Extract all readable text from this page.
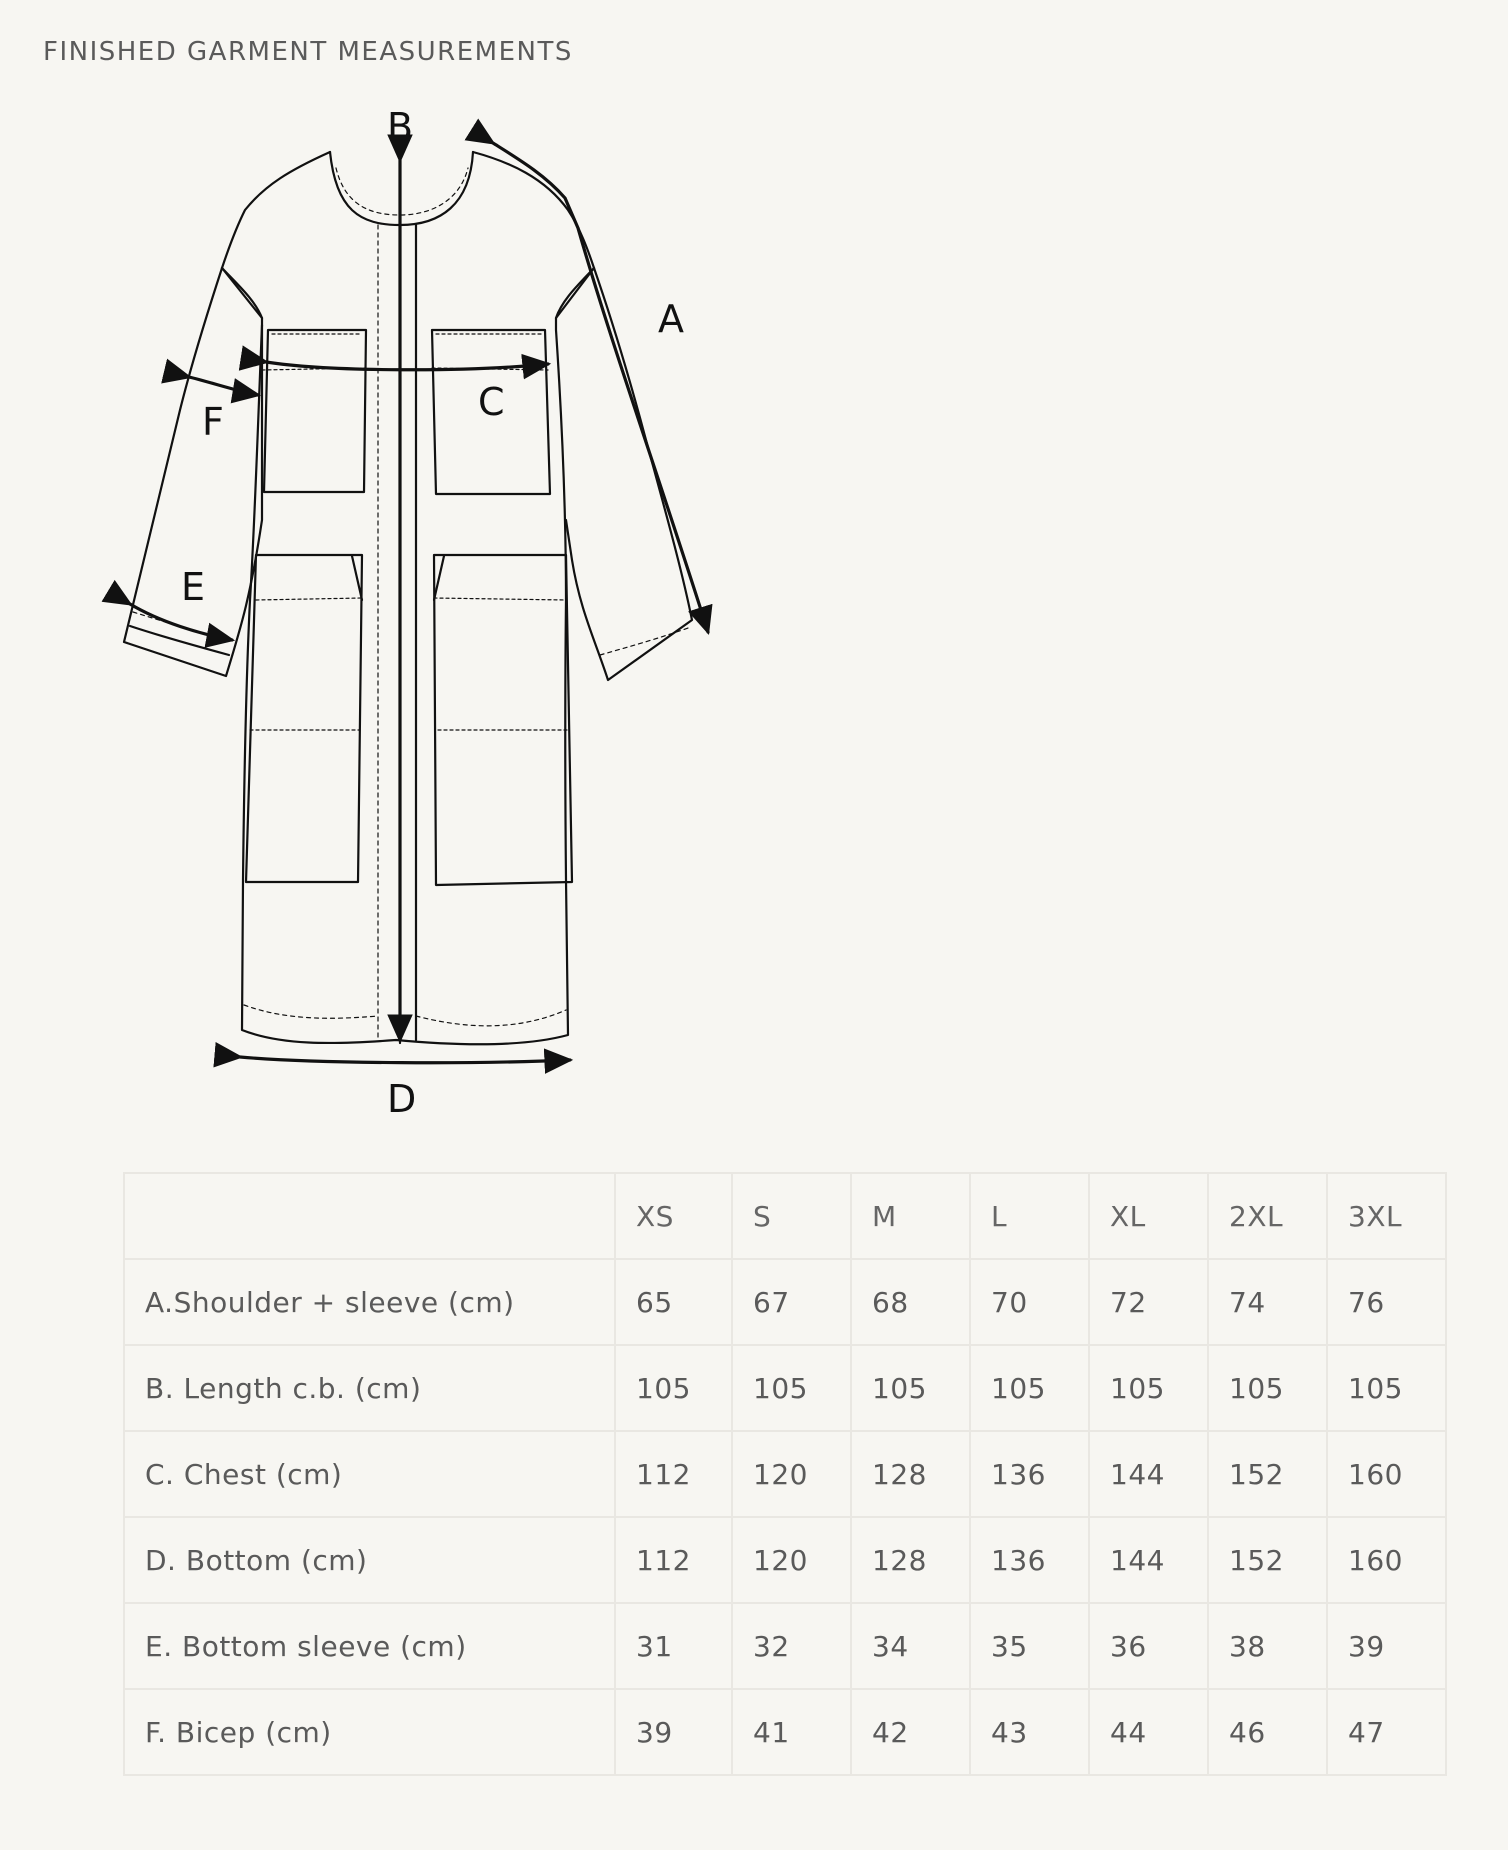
FINISHED GARMENT MEASUREMENTS
B
A
C
F
E
D
	XS	S	M	L	XL	2XL	3XL
A.Shoulder + sleeve (cm)	65	67	68	70	72	74	76
B. Length c.b. (cm)	105	105	105	105	105	105	105
C. Chest (cm)	112	120	128	136	144	152	160
D. Bottom (cm)	112	120	128	136	144	152	160
E. Bottom sleeve (cm)	31	32	34	35	36	38	39
F. Bicep (cm)	39	41	42	43	44	46	47
